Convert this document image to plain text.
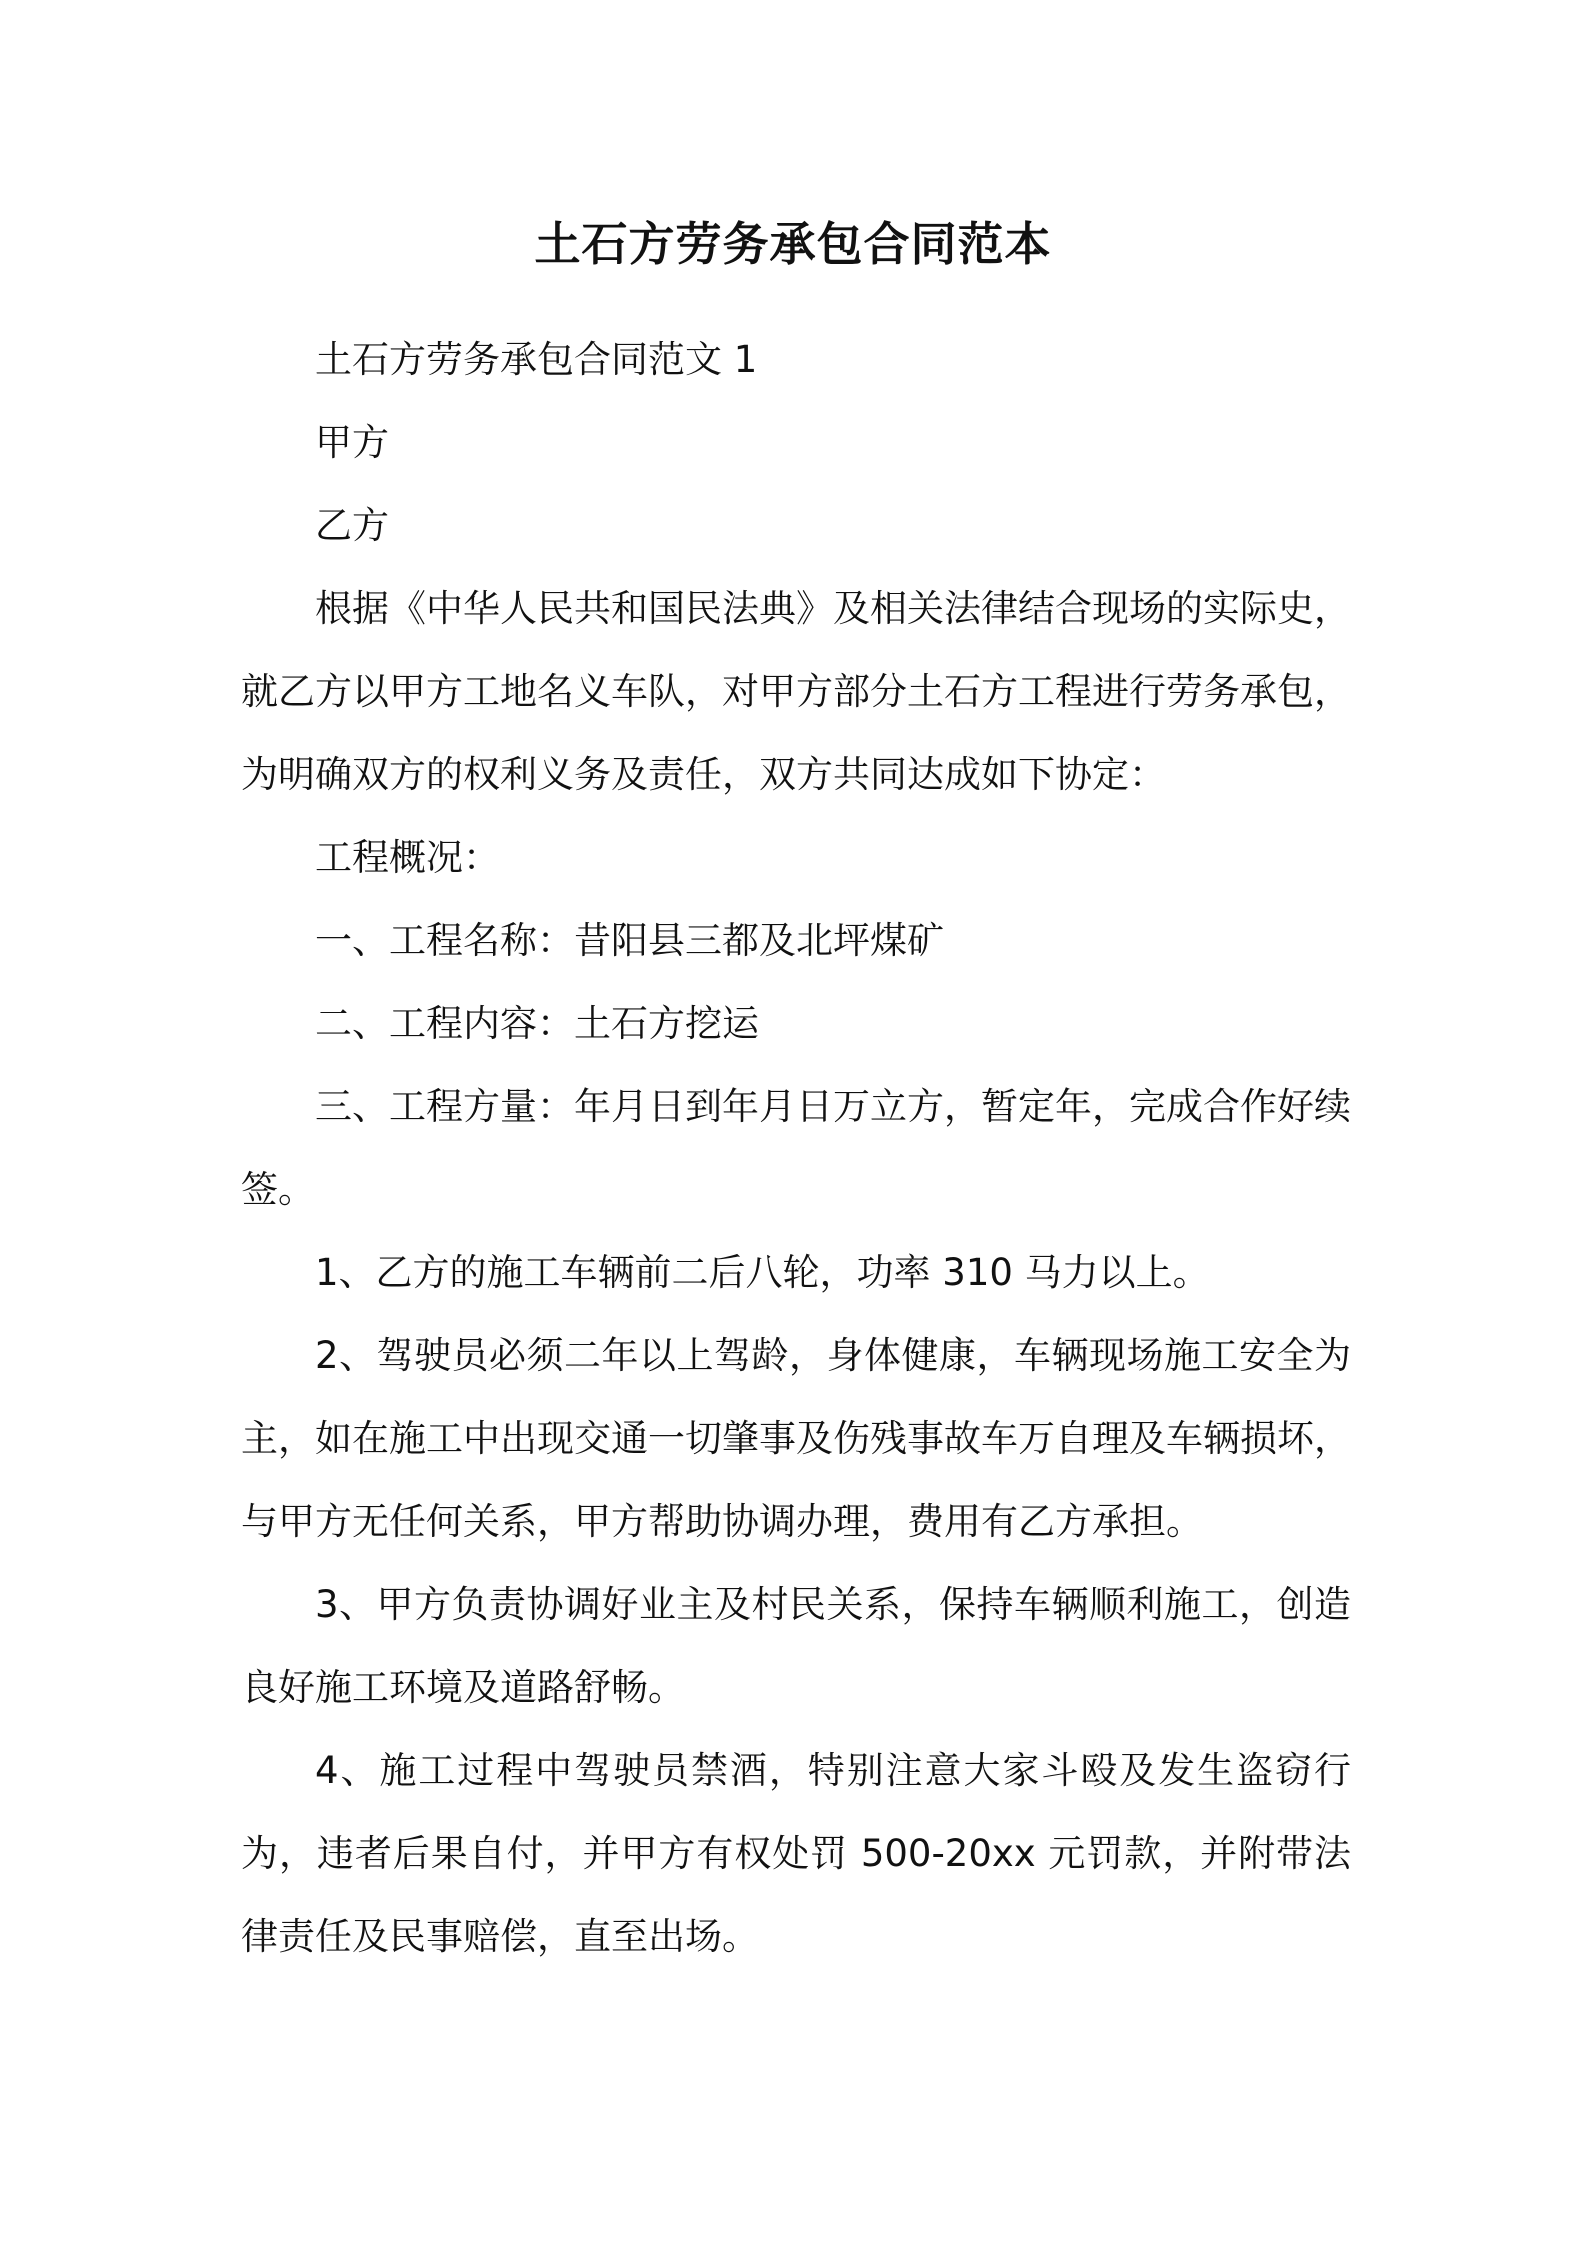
土石方劳务承包合同范本

土石方劳务承包合同范文 1

甲方

乙方

根据《中华人民共和国民法典》及相关法律结合现场的实际史，就乙方以甲方工地名义车队，对甲方部分土石方工程进行劳务承包，为明确双方的权利义务及责任，双方共同达成如下协定：

工程概况：

一、工程名称：昔阳县三都及北坪煤矿

二、工程内容：土石方挖运

三、工程方量：年月日到年月日万立方，暂定年，完成合作好续签。

1、乙方的施工车辆前二后八轮，功率 310 马力以上。

2、驾驶员必须二年以上驾龄，身体健康，车辆现场施工安全为主，如在施工中出现交通一切肇事及伤残事故车万自理及车辆损坏，与甲方无任何关系，甲方帮助协调办理，费用有乙方承担。

3、甲方负责协调好业主及村民关系，保持车辆顺利施工，创造良好施工环境及道路舒畅。

4、施工过程中驾驶员禁酒，特别注意大家斗殴及发生盗窃行为，违者后果自付，并甲方有权处罚 500-20xx 元罚款，并附带法律责任及民事赔偿，直至出场。
